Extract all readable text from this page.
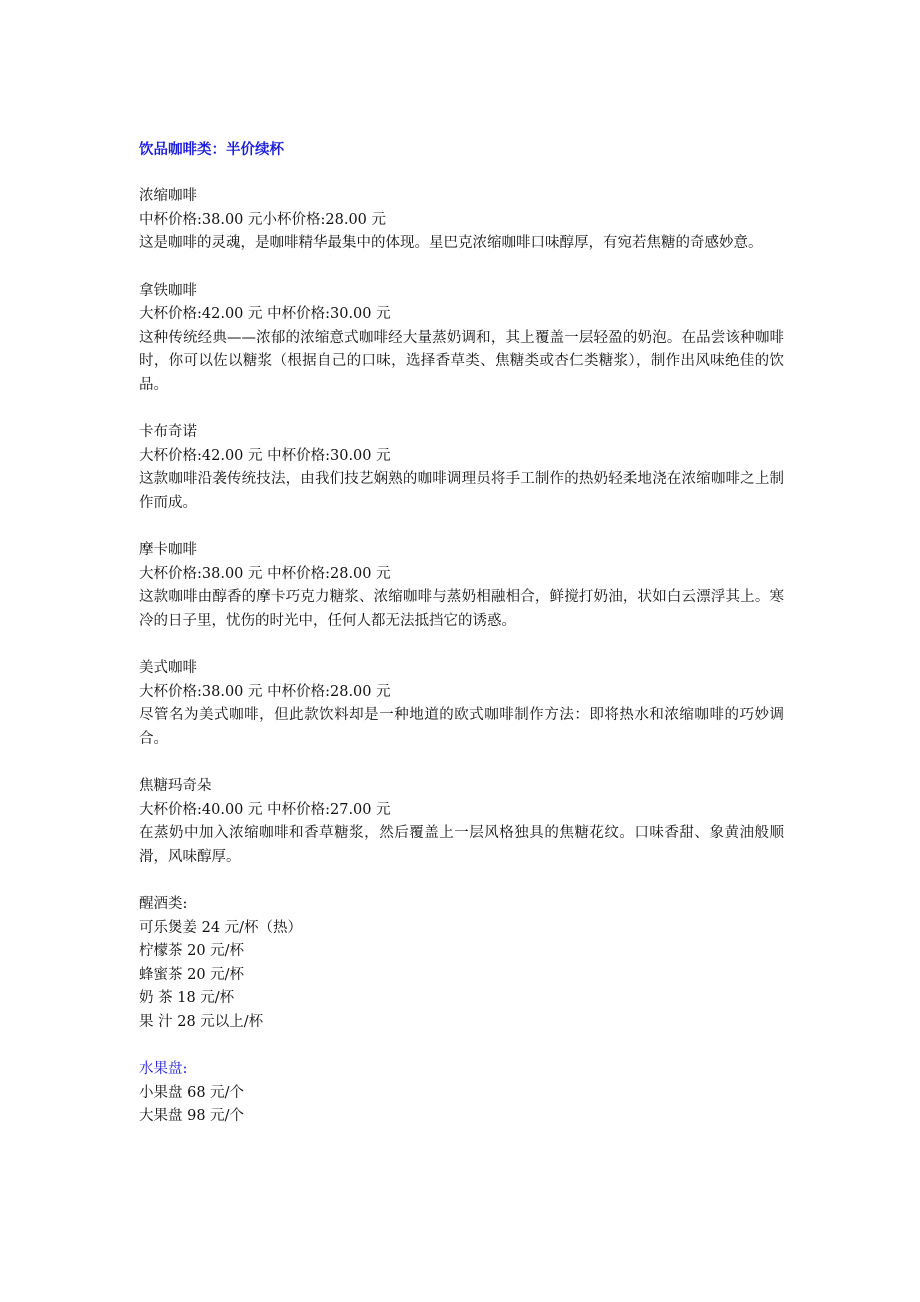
饮品咖啡类：半价续杯

浓缩咖啡

中杯价格:38.00 元小杯价格:28.00 元

这是咖啡的灵魂，是咖啡精华最集中的体现。星巴克浓缩咖啡口味醇厚，有宛若焦糖的奇感妙意。

拿铁咖啡

大杯价格:42.00 元 中杯价格:30.00 元

这种传统经典——浓郁的浓缩意式咖啡经大量蒸奶调和，其上覆盖一层轻盈的奶泡。在品尝该种咖啡时，你可以佐以糖浆（根据自己的口味，选择香草类、焦糖类或杏仁类糖浆），制作出风味绝佳的饮品。

卡布奇诺

大杯价格:42.00 元 中杯价格:30.00 元

这款咖啡沿袭传统技法，由我们技艺娴熟的咖啡调理员将手工制作的热奶轻柔地浇在浓缩咖啡之上制作而成。

摩卡咖啡

大杯价格:38.00 元 中杯价格:28.00 元

这款咖啡由醇香的摩卡巧克力糖浆、浓缩咖啡与蒸奶相融相合，鲜搅打奶油，状如白云漂浮其上。寒冷的日子里，忧伤的时光中，任何人都无法抵挡它的诱惑。

美式咖啡

大杯价格:38.00 元 中杯价格:28.00 元

尽管名为美式咖啡，但此款饮料却是一种地道的欧式咖啡制作方法：即将热水和浓缩咖啡的巧妙调合。

焦糖玛奇朵

大杯价格:40.00 元 中杯价格:27.00 元

在蒸奶中加入浓缩咖啡和香草糖浆，然后覆盖上一层风格独具的焦糖花纹。口味香甜、象黄油般顺滑，风味醇厚。

醒酒类:

可乐煲姜 24 元/杯（热）

柠檬茶 20 元/杯

蜂蜜茶 20 元/杯

奶 茶 18 元/杯

果 汁 28 元以上/杯

水果盘:

小果盘 68 元/个

大果盘 98 元/个
